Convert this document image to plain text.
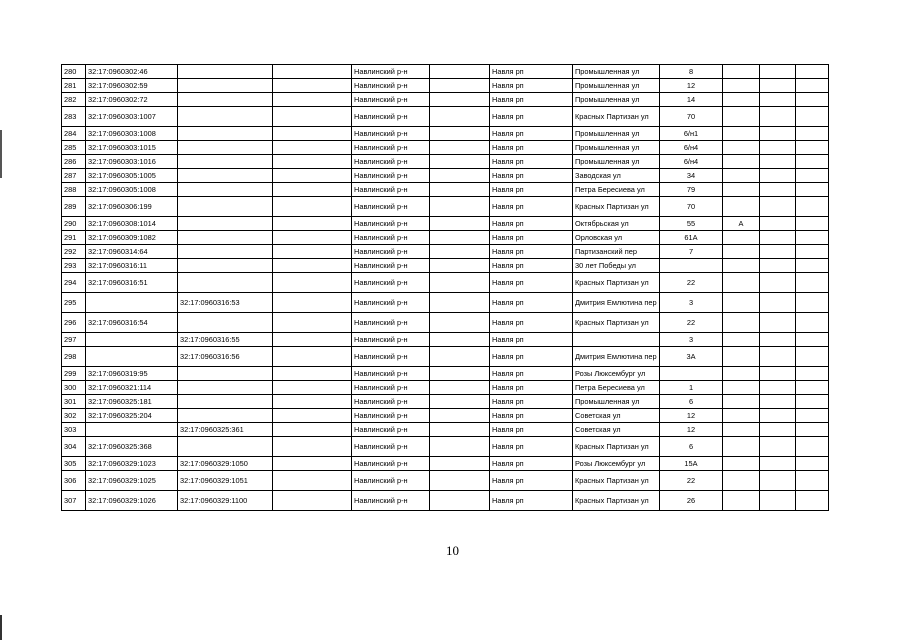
280	32:17:0960302:46			Навлинский р-н		Навля рп	Промышленная ул	8			
281	32:17:0960302:59			Навлинский р-н		Навля рп	Промышленная ул	12			
282	32:17:0960302:72			Навлинский р-н		Навля рп	Промышленная ул	14			
283	32:17:0960303:1007			Навлинский р-н		Навля рп	Красных Партизан ул	70			
284	32:17:0960303:1008			Навлинский р-н		Навля рп	Промышленная ул	6/н1			
285	32:17:0960303:1015			Навлинский р-н		Навля рп	Промышленная ул	6/н4			
286	32:17:0960303:1016			Навлинский р-н		Навля рп	Промышленная ул	6/н4			
287	32:17:0960305:1005			Навлинский р-н		Навля рп	Заводская ул	34			
288	32:17:0960305:1008			Навлинский р-н		Навля рп	Петра Бересиева ул	79			
289	32:17:0960306:199			Навлинский р-н		Навля рп	Красных Партизан ул	70			
290	32:17:0960308:1014			Навлинский р-н		Навля рп	Октябрьская ул	55	А		
291	32:17:0960309:1082			Навлинский р-н		Навля рп	Орловская ул	61А			
292	32:17:0960314:64			Навлинский р-н		Навля рп	Партизанский пер	7			
293	32:17:0960316:11			Навлинский р-н		Навля рп	30 лет Победы ул				
294	32:17:0960316:51			Навлинский р-н		Навля рп	Красных Партизан ул	22			
295		32:17:0960316:53		Навлинский р-н		Навля рп	Дмитрия Емлютина пер	3			
296	32:17:0960316:54			Навлинский р-н		Навля рп	Красных Партизан ул	22			
297		32:17:0960316:55		Навлинский р-н		Навля рп		3			
298		32:17:0960316:56		Навлинский р-н		Навля рп	Дмитрия Емлютина пер	3А			
299	32:17:0960319:95			Навлинский р-н		Навля рп	Розы Люксембург ул				
300	32:17:0960321:114			Навлинский р-н		Навля рп	Петра Бересиева ул	1			
301	32:17:0960325:181			Навлинский р-н		Навля рп	Промышленная ул	6			
302	32:17:0960325:204			Навлинский р-н		Навля рп	Советская ул	12			
303		32:17:0960325:361		Навлинский р-н		Навля рп	Советская ул	12			
304	32:17:0960325:368			Навлинский р-н		Навля рп	Красных Партизан ул	6			
305	32:17:0960329:1023	32:17:0960329:1050		Навлинский р-н		Навля рп	Розы Люксембург ул	15А			
306	32:17:0960329:1025	32:17:0960329:1051		Навлинский р-н		Навля рп	Красных Партизан ул	22			
307	32:17:0960329:1026	32:17:0960329:1100		Навлинский р-н		Навля рп	Красных Партизан ул	26			
10
